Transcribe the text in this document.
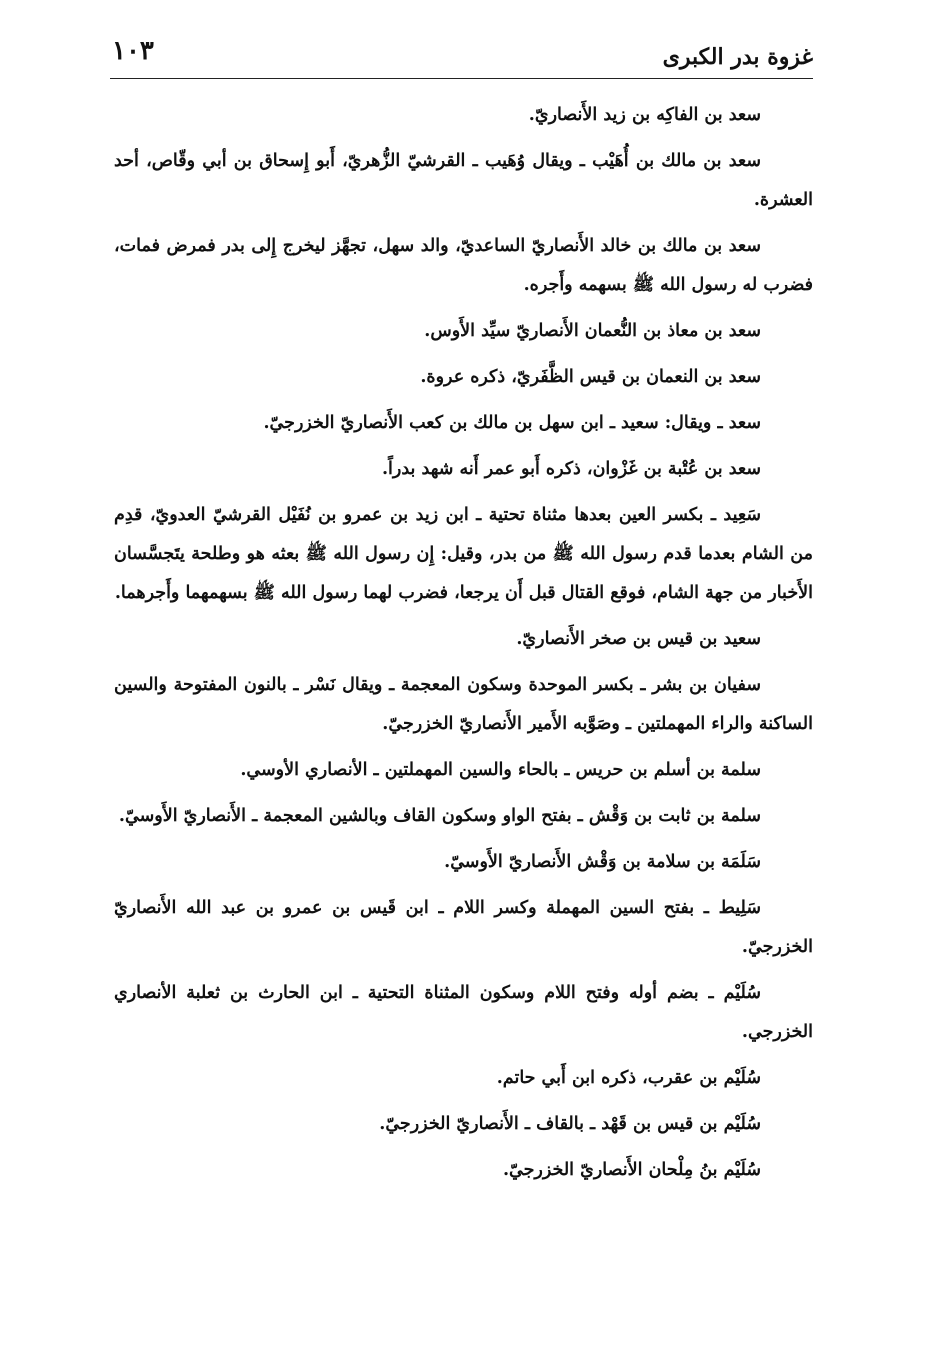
غزوة بدر الكبرى
١٠٣

سعد بن الفاكِه بن زيد الأَنصاريّ.

سعد بن مالك بن أُهَيْب ـ ويقال وُهَيب ـ القرشيّ الزُّهريّ، أَبو إِسحاق بن أبي وقّاص، أحد العشرة.

سعد بن مالك بن خالد الأَنصاريّ الساعديّ، والد سهل، تجهَّز ليخرج إِلى بدر فمرض فمات، فضرب له رسول الله ﷺ بسهمه وأَجره.

سعد بن معاذ بن النُّعمان الأَنصاريّ سيِّد الأَوس.

سعد بن النعمان بن قيس الظَّفَريّ، ذكره عروة.

سعد ـ ويقال: سعيد ـ ابن سهل بن مالك بن كعب الأَنصاريّ الخزرجيّ.

سعد بن عُتْبة بن غَزْوان، ذكره أَبو عمر أَنه شهد بدراً.

سَعِيد ـ بكسر العين بعدها مثناة تحتية ـ ابن زيد بن عمرو بن نُفَيْل القرشيّ العدويّ، قدِم من الشام بعدما قدم رسول الله ﷺ من بدر، وقيل: إِن رسول الله ﷺ بعثه هو وطلحة يتَجسَّسان الأَخبار من جهة الشام، فوقع القتال قبل أَن يرجعا، فضرب لهما رسول الله ﷺ بسهمهما وأَجرهما.

سعيد بن قيس بن صخر الأَنصاريّ.

سفيان بن بشر ـ بكسر الموحدة وسكون المعجمة ـ ويقال نَسْر ـ بالنون المفتوحة والسين الساكنة والراء المهملتين ـ وصَوَّبه الأَمير الأَنصاريّ الخزرجيّ.

سلمة بن أسلم بن حريس ـ بالحاء والسين المهملتين ـ الأنصاري الأوسي.

سلمة بن ثابت بن وَقْش ـ بفتح الواو وسكون القاف وبالشين المعجمة ـ الأَنصاريّ الأَوسيّ.

سَلَمَة بن سلامة بن وَقْش الأَنصاريّ الأَوسيّ.

سَلِيط ـ بفتح السين المهملة وكسر اللام ـ ابن قَيس بن عمرو بن عبد الله الأَنصاريّ الخزرجيّ.

سُلَيْم ـ بضم أوله وفتح اللام وسكون المثناة التحتية ـ ابن الحارث بن ثعلبة الأنصاري الخزرجي.

سُلَيْم بن عقرب، ذكره ابن أَبي حاتم.

سُلَيْم بن قيس بن قَهْد ـ بالقاف ـ الأَنصاريّ الخزرجيّ.

سُلَيْم بنُ مِلْحان الأَنصاريّ الخزرجيّ.
